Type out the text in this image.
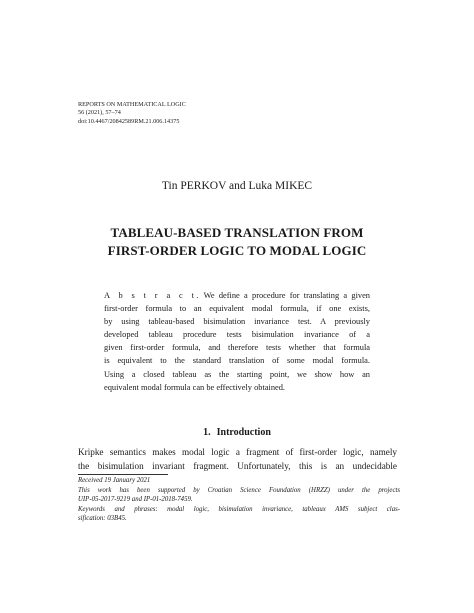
REPORTS ON MATHEMATICAL LOGIC
56 (2021), 57–74
doi:10.4467/20842589RM.21.006.14375
Tin PERKOV and Luka MIKEC
TABLEAU-BASED TRANSLATION FROM
FIRST-ORDER LOGIC TO MODAL LOGIC
A b s t r a c t. We define a procedure for translating a given
first-order formula to an equivalent modal formula, if one exists,
by using tableau-based bisimulation invariance test. A previously
developed tableau procedure tests bisimulation invariance of a
given first-order formula, and therefore tests whether that formula
is equivalent to the standard translation of some modal formula.
Using a closed tableau as the starting point, we show how an
equivalent modal formula can be effectively obtained.
1. Introduction
Kripke semantics makes modal logic a fragment of first-order logic, namely
the bisimulation invariant fragment. Unfortunately, this is an undecidable
Received 19 January 2021
This work has been supported by Croatian Science Foundation (HRZZ) under the projects
UIP-05-2017-9219 and IP-01-2018-7459.
Keywords and phrases: modal logic, bisimulation invariance, tableaux AMS subject clas-
sification: 03B45.
